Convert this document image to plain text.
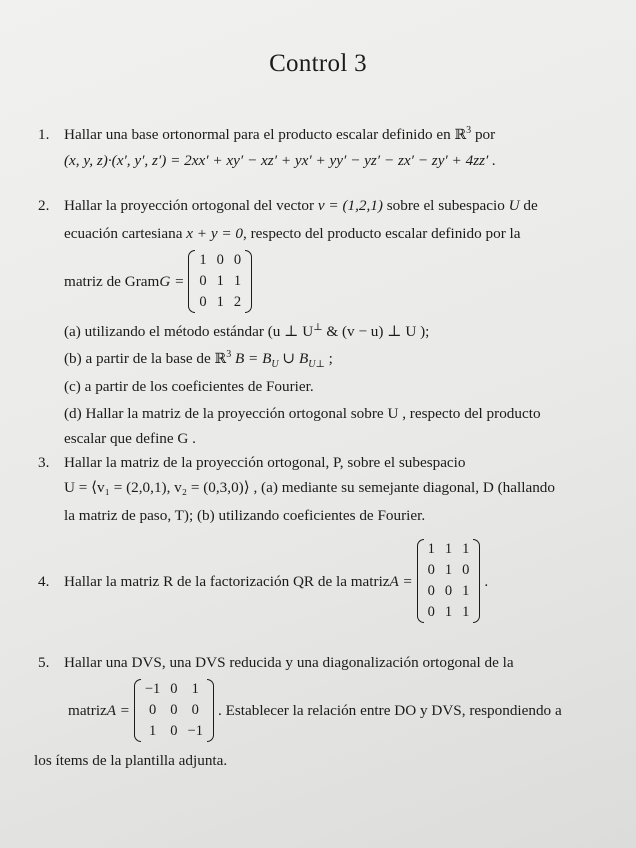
Control 3
1. Hallar una base ortonormal para el producto escalar definido en ℝ$^3$ por
(x, y, z)·(x′, y′, z′) = 2xx′ + xy′ − xz′ + yx′ + yy′ − yz′ − zx′ − zy′ + 4zz′ .
2. Hallar la proyección ortogonal del vector v = (1,2,1) sobre el subespacio U de
ecuación cartesiana x + y = 0, respecto del producto escalar definido por la
matriz de Gram G =
1 0 0
0 1 1
0 1 2
(a) utilizando el método estándar (u ⊥ U⊥ & (v − u) ⊥ U );
(b) a partir de la base de ℝ$^3$ $B = B_U$ ∪ $B_{U\perp}$ ;
(c) a partir de los coeficientes de Fourier.
(d) Hallar la matriz de la proyección ortogonal sobre U , respecto del producto
escalar que define G .
3. Hallar la matriz de la proyección ortogonal, P, sobre el subespacio
U = ⟨v₁ = (2,0,1), v₂ = (0,3,0)⟩ , (a) mediante su semejante diagonal, D (hallando
la matriz de paso, T); (b) utilizando coeficientes de Fourier.
4. Hallar la matriz R de la factorización QR de la matriz A =
1 1 1
0 1 0
0 0 1
0 1 1
.
5. Hallar una DVS, una DVS reducida y una diagonalización ortogonal de la
matriz A =
−1 0 1
0 0 0
1 0 −1
. Establecer la relación entre DO y DVS, respondiendo a
los ítems de la plantilla adjunta.
